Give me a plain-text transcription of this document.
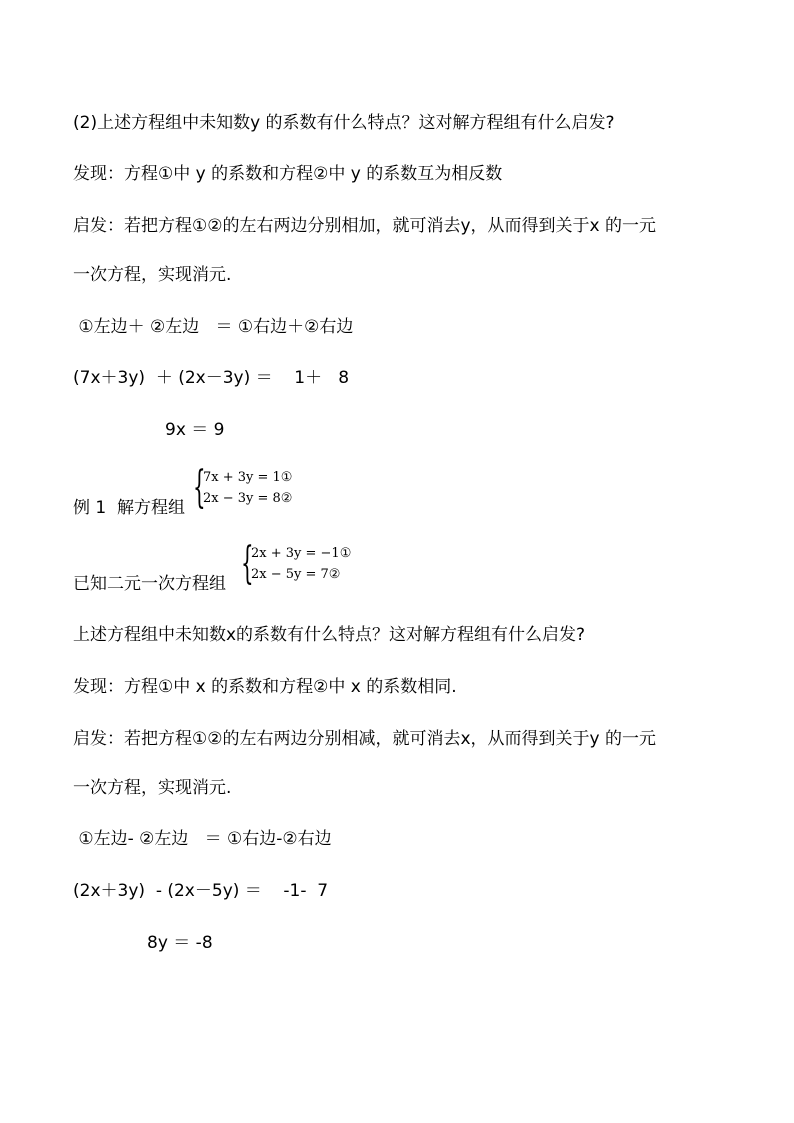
(2)上述方程组中未知数y 的系数有什么特点？这对解方程组有什么启发?
发现：方程①中 y 的系数和方程②中 y 的系数互为相反数
启发：若把方程①②的左右两边分别相加，就可消去y，从而得到关于x 的一元
一次方程，实现消元.
①左边＋ ②左边   ＝ ①右边＋②右边
(7x＋3y)  ＋ (2x－3y) ＝    1＋   8
9x ＝ 9
例 1  解方程组 {
7x + 3y = 1①
2x − 3y = 8②
已知二元一次方程组 {
2x + 3y = −1①
2x − 5y = 7②
上述方程组中未知数x的系数有什么特点？这对解方程组有什么启发?
发现：方程①中 x 的系数和方程②中 x 的系数相同.
启发：若把方程①②的左右两边分别相减，就可消去x，从而得到关于y 的一元
一次方程，实现消元.
①左边- ②左边   ＝ ①右边-②右边
(2x＋3y)  - (2x－5y) ＝    -1-  7
8y ＝ -8
